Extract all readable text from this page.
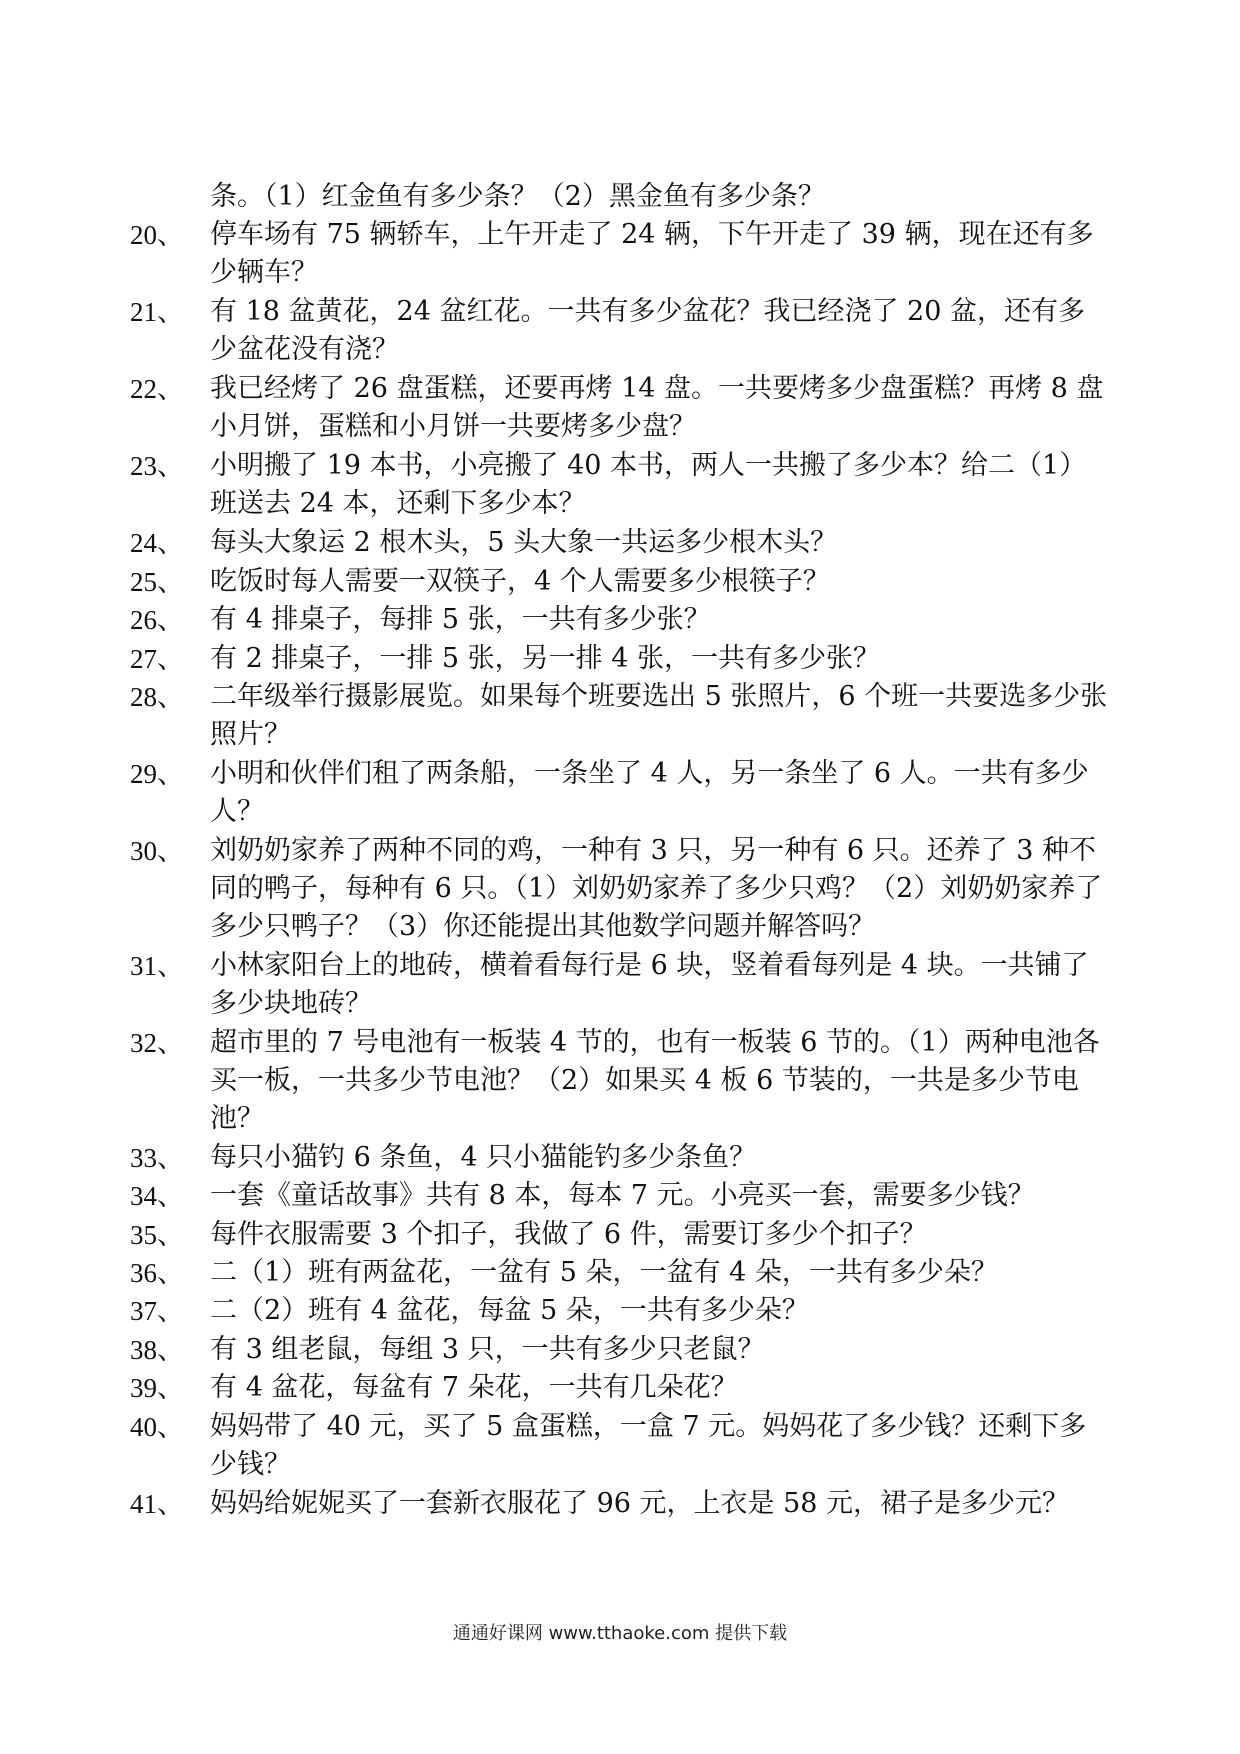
条。（1）红金鱼有多少条？（2）黑金鱼有多少条？
20、 停车场有 75 辆轿车，上午开走了 24 辆，下午开走了 39 辆，现在还有多少辆车？
21、 有 18 盆黄花，24 盆红花。一共有多少盆花？我已经浇了 20 盆，还有多少盆花没有浇？
22、 我已经烤了 26 盘蛋糕，还要再烤 14 盘。一共要烤多少盘蛋糕？再烤 8 盘小月饼，蛋糕和小月饼一共要烤多少盘？
23、 小明搬了 19 本书，小亮搬了 40 本书，两人一共搬了多少本？给二（1）班送去 24 本，还剩下多少本？
24、 每头大象运 2 根木头，5 头大象一共运多少根木头？
25、 吃饭时每人需要一双筷子，4 个人需要多少根筷子？
26、 有 4 排桌子，每排 5 张，一共有多少张？
27、 有 2 排桌子，一排 5 张，另一排 4 张，一共有多少张？
28、 二年级举行摄影展览。如果每个班要选出 5 张照片，6 个班一共要选多少张照片？
29、 小明和伙伴们租了两条船，一条坐了 4 人，另一条坐了 6 人。一共有多少人？
30、 刘奶奶家养了两种不同的鸡，一种有 3 只，另一种有 6 只。还养了 3 种不同的鸭子，每种有 6 只。（1）刘奶奶家养了多少只鸡？（2）刘奶奶家养了多少只鸭子？（3）你还能提出其他数学问题并解答吗？
31、 小林家阳台上的地砖，横着看每行是 6 块，竖着看每列是 4 块。一共铺了多少块地砖？
32、 超市里的 7 号电池有一板装 4 节的，也有一板装 6 节的。（1）两种电池各买一板，一共多少节电池？（2）如果买 4 板 6 节装的，一共是多少节电池？
33、 每只小猫钓 6 条鱼，4 只小猫能钓多少条鱼？
34、 一套《童话故事》共有 8 本，每本 7 元。小亮买一套，需要多少钱？
35、 每件衣服需要 3 个扣子，我做了 6 件，需要订多少个扣子？
36、 二（1）班有两盆花，一盆有 5 朵，一盆有 4 朵，一共有多少朵？
37、 二（2）班有 4 盆花，每盆 5 朵，一共有多少朵？
38、 有 3 组老鼠，每组 3 只，一共有多少只老鼠？
39、 有 4 盆花，每盆有 7 朵花，一共有几朵花？
40、 妈妈带了 40 元，买了 5 盒蛋糕，一盒 7 元。妈妈花了多少钱？还剩下多少钱？
41、 妈妈给妮妮买了一套新衣服花了 96 元，上衣是 58 元，裙子是多少元？
通通好课网 www.tthaoke.com 提供下载
